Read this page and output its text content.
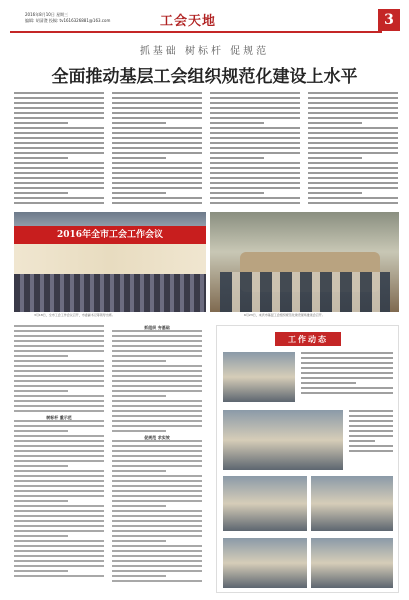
2016年8月10日 星期三
编辑: 胡清澄 投稿: tv1616326881@163.com	工会天地	3
抓基础 树标杆 促规范
全面推动基层工会组织规范化建设上水平
2016年全市工会工作会议
3月18日，全市工会工作会议召开，市委副书记等领导出席。	6月23日，来宾市基层工会组织规范化建设现场推进会召开。
树标杆 重示范
抓组织 夯基础
促规范 求实效
工作动态
